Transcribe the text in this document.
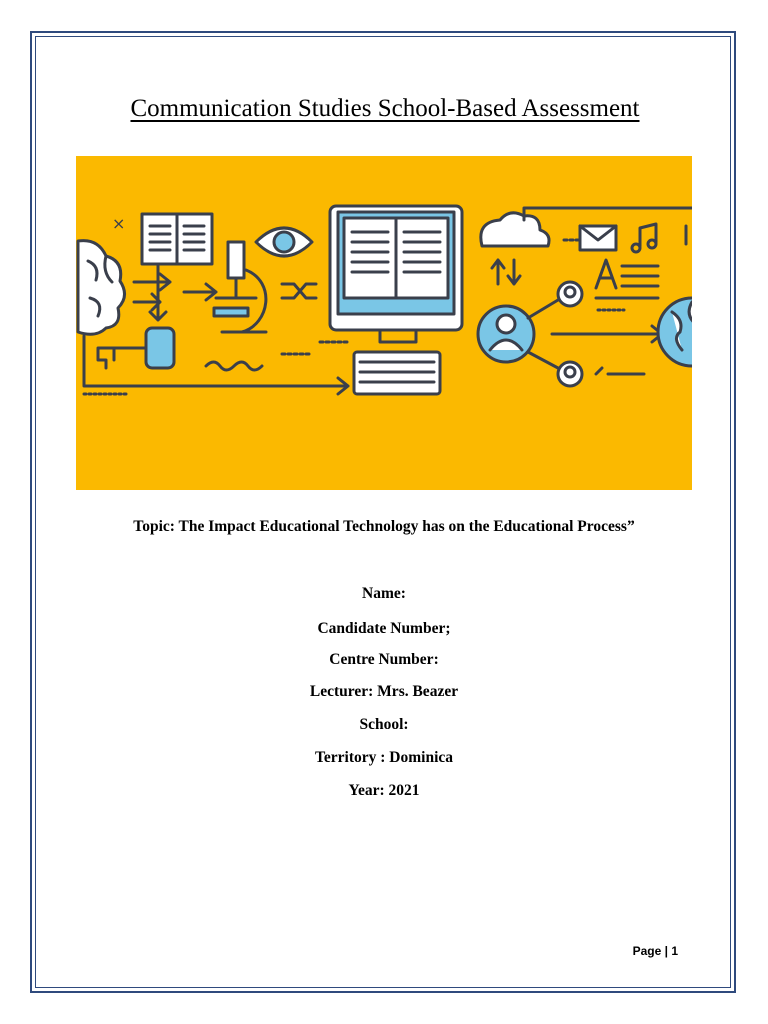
Communication Studies School-Based Assessment
×
Topic: The Impact Educational Technology has on the Educational Process”
Name:
Candidate Number;
Centre Number:
Lecturer: Mrs. Beazer
School:
Territory : Dominica
Year: 2021
Page | 1
